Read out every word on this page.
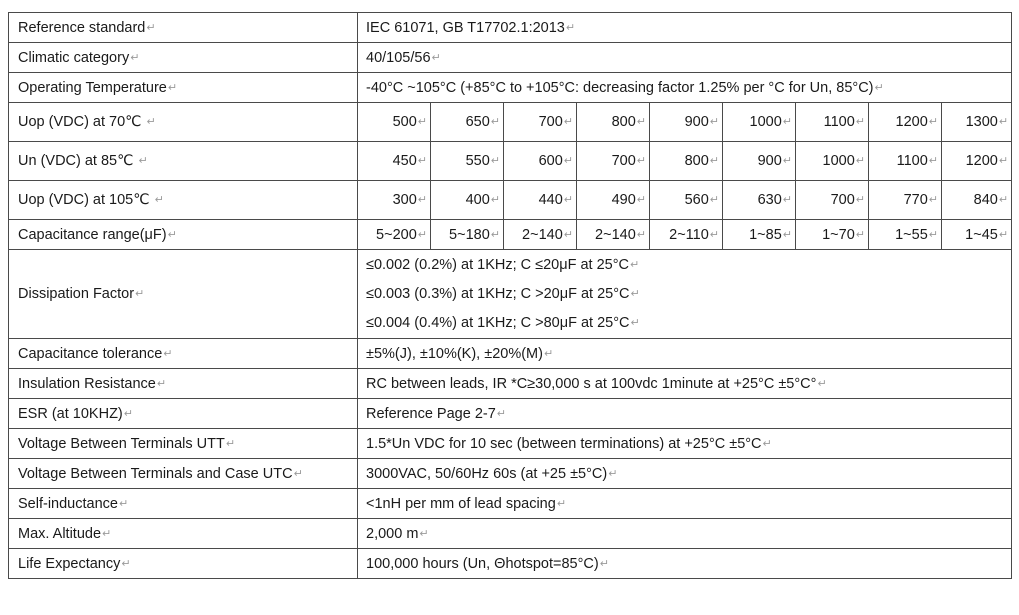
Reference standard↵	IEC 61071, GB T17702.1:2013↵								
Climatic category↵	40/105/56↵								
Operating Temperature↵	-40°C ~105°C (+85°C to +105°C: decreasing factor 1.25% per °C for Un, 85°C)↵								
Uop (VDC) at 70℃ ↵	500↵	650↵	700↵	800↵	900↵	1000↵	1100↵	1200↵	1300↵
Un (VDC) at 85℃ ↵	450↵	550↵	600↵	700↵	800↵	900↵	1000↵	1100↵	1200↵
Uop (VDC) at 105℃ ↵	300↵	400↵	440↵	490↵	560↵	630↵	700↵	770↵	840↵
Capacitance range(μF)↵	5~200↵	5~180↵	2~140↵	2~140↵	2~110↵	1~85↵	1~70↵	1~55↵	1~45↵
Dissipation Factor↵	≤0.002 (0.2%) at 1KHz; C ≤20μF at 25°C↵
≤0.003 (0.3%) at 1KHz; C >20μF at 25°C↵
≤0.004 (0.4%) at 1KHz; C >80μF at 25°C↵								

Capacitance tolerance↵	±5%(J), ±10%(K), ±20%(M)↵								
Insulation Resistance↵	RC between leads, IR *C≥30,000 s at 100vdc 1minute at +25°C ±5°C°↵								
ESR (at 10KHZ)↵	Reference Page 2-7↵								
Voltage Between Terminals UTT↵	1.5*Un VDC for 10 sec (between terminations) at +25°C ±5°C↵								
Voltage Between Terminals and Case UTC↵	3000VAC, 50/60Hz 60s (at +25 ±5°C)↵								
Self-inductance↵	<1nH per mm of lead spacing↵								
Max. Altitude↵	2,000 m↵								
Life Expectancy↵	100,000 hours (Un, Θhotspot=85°C)↵								
